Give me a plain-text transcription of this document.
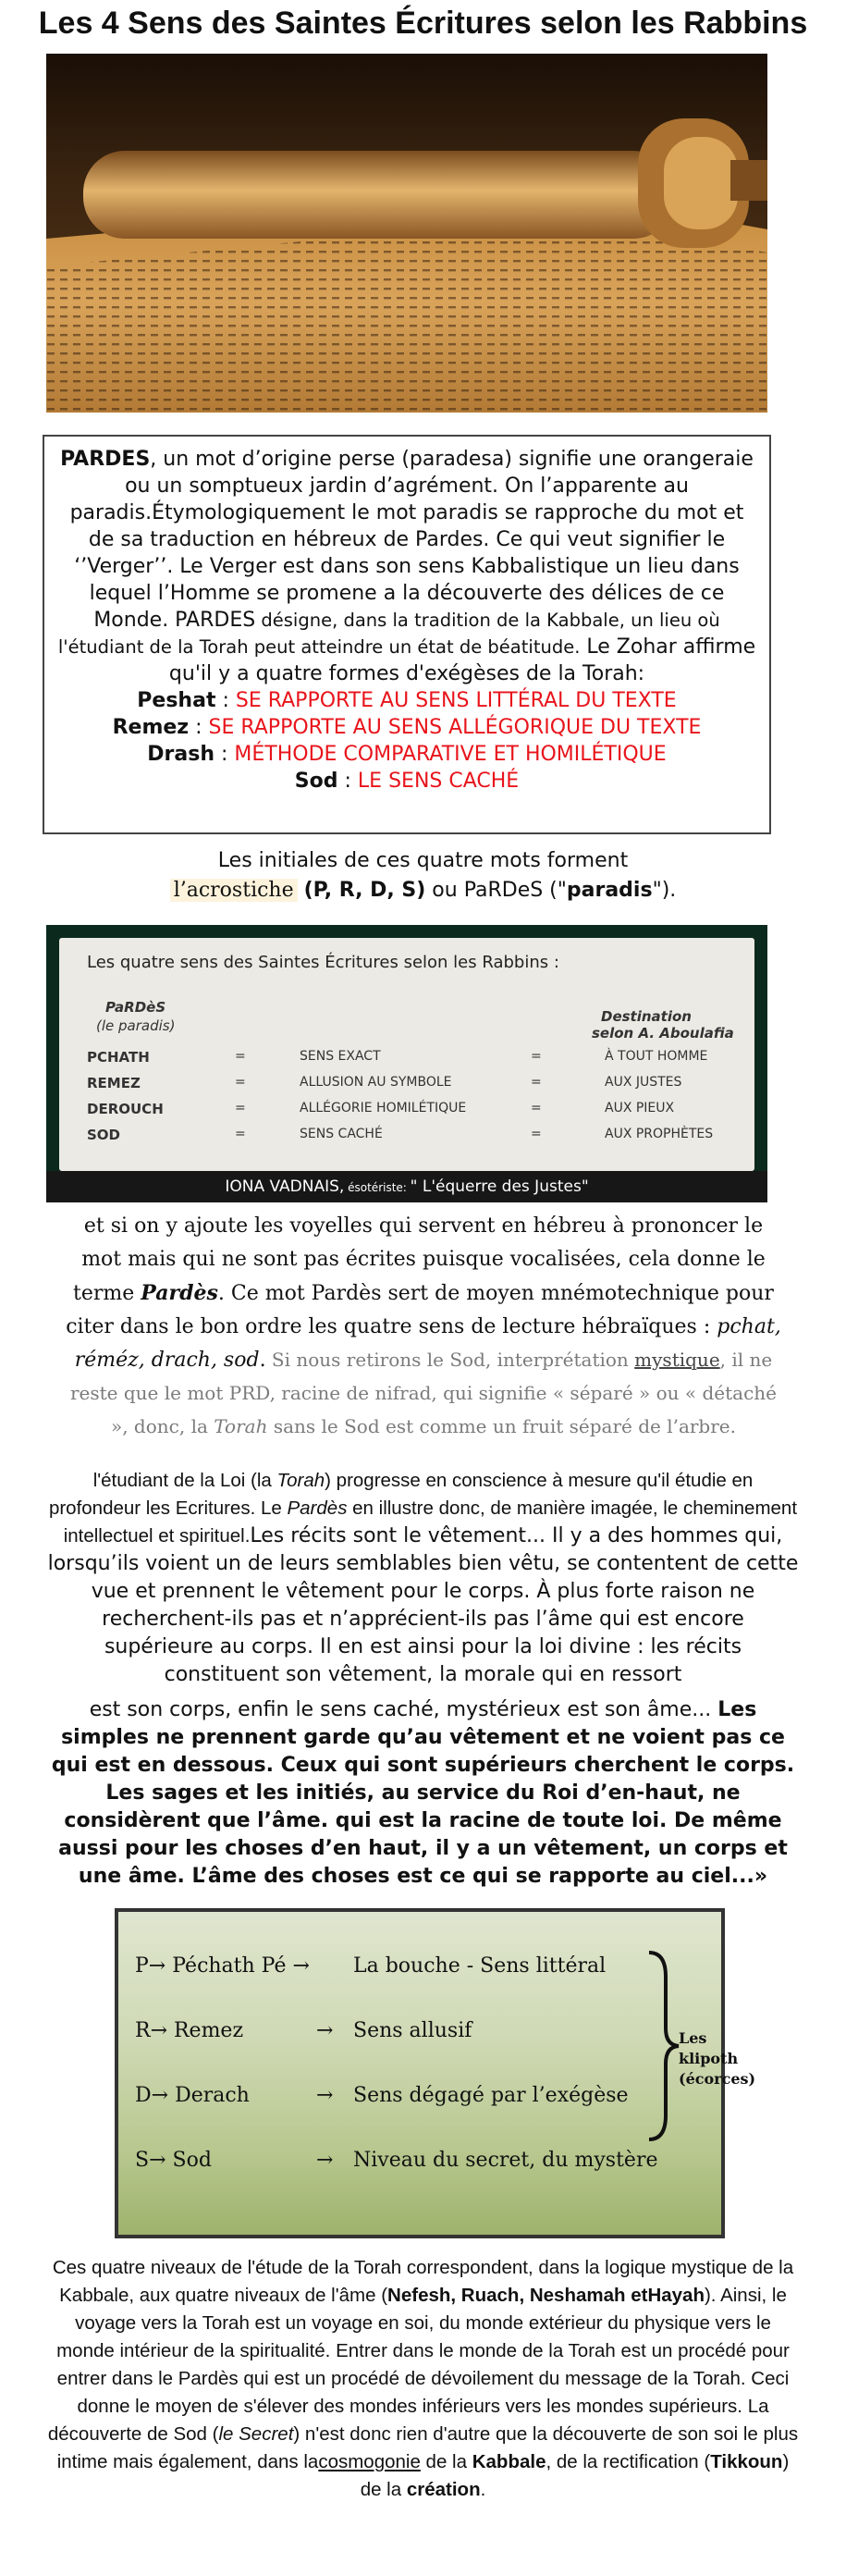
Les 4 Sens des Saintes Écritures selon les Rabbins
PARDES, un mot d’origine perse (paradesa) signifie une orangeraie ou un somptueux jardin d’agrément. On l’apparente au paradis.Étymologiquement le mot paradis se rapproche du mot et de sa traduction en hébreux de Pardes. Ce qui veut signifier le ‘’Verger’’. Le Verger est dans son sens Kabbalistique un lieu dans lequel l’Homme se promene a la découverte des délices de ce Monde. PARDES désigne, dans la tradition de la Kabbale, un lieu où l'étudiant de la Torah peut atteindre un état de béatitude. Le Zohar affirme qu'il y a quatre formes d'exégèses de la Torah:
Peshat : SE RAPPORTE AU SENS LITTÉRAL DU TEXTE
Remez : SE RAPPORTE AU SENS ALLÉGORIQUE DU TEXTE
Drash : MÉTHODE COMPARATIVE ET HOMILÉTIQUE
Sod : LE SENS CACHÉ
Les initiales de ces quatre mots forment
l’acrostiche (P, R, D, S) ou PaRDeS ("paradis").
Les quatre sens des Saintes Écritures selon les Rabbins :
PaRDèS
(le paradis)
Destination
selon A. Aboulafia
PCHATH	=	SENS EXACT	=	À TOUT HOMME
REMEZ	=	ALLUSION AU SYMBOLE	=	AUX JUSTES
DEROUCH	=	ALLÉGORIE HOMILÉTIQUE	=	AUX PIEUX
SOD	=	SENS CACHÉ	=	AUX PROPHÈTES
IONA VADNAIS, ésotériste: " L'équerre des Justes"
et si on y ajoute les voyelles qui servent en hébreu à prononcer le mot mais qui ne sont pas écrites puisque vocalisées, cela donne le terme Pardès. Ce mot Pardès sert de moyen mnémotechnique pour citer dans le bon ordre les quatre sens de lecture hébraïques : pchat, réméz, drach, sod. Si nous retirons le Sod, interprétation mystique, il ne reste que le mot PRD, racine de nifrad, qui signifie « séparé » ou « détaché », donc, la Torah sans le Sod est comme un fruit séparé de l’arbre.
l'étudiant de la Loi (la Torah) progresse en conscience à mesure qu'il étudie en profondeur les Ecritures. Le Pardès en illustre donc, de manière imagée, le cheminement intellectuel et spirituel.Les récits sont le vêtement... Il y a des hommes qui, lorsqu’ils voient un de leurs semblables bien vêtu, se contentent de cette vue et prennent le vêtement pour le corps. À plus forte raison ne recherchent-ils pas et n’apprécient-ils pas l’âme qui est encore supérieure au corps. Il en est ainsi pour la loi divine : les récits constituent son vêtement, la morale qui en ressort
est son corps, enfin le sens caché, mystérieux est son âme... Les simples ne prennent garde qu’au vêtement et ne voient pas ce qui est en dessous. Ceux qui sont supérieurs cherchent le corps. Les sages et les initiés, au service du Roi d’en-haut, ne considèrent que l’âme. qui est la racine de toute loi. De même aussi pour les choses d’en haut, il y a un vêtement, un corps et une âme. L’âme des choses est ce qui se rapporte au ciel...»
P→ Péchath Pé → La bouche - Sens littéral
R→ Remez	→ Sens allusif
D→ Derach	→ Sens dégagé par l’exégèse
S→ Sod	→ Niveau du secret, du mystère
Les klipoth
(écorces)
Ces quatre niveaux de l'étude de la Torah correspondent, dans la logique mystique de la Kabbale, aux quatre niveaux de l'âme (Nefesh, Ruach, Neshamah etHayah). Ainsi, le voyage vers la Torah est un voyage en soi, du monde extérieur du physique vers le monde intérieur de la spiritualité. Entrer dans le monde de la Torah est un procédé pour entrer dans le Pardès qui est un procédé de dévoilement du message de la Torah. Ceci donne le moyen de s'élever des mondes inférieurs vers les mondes supérieurs. La découverte de Sod (le Secret) n'est donc rien d'autre que la découverte de son soi le plus intime mais également, dans lacosmogonie de la Kabbale, de la rectification (Tikkoun) de la création.
